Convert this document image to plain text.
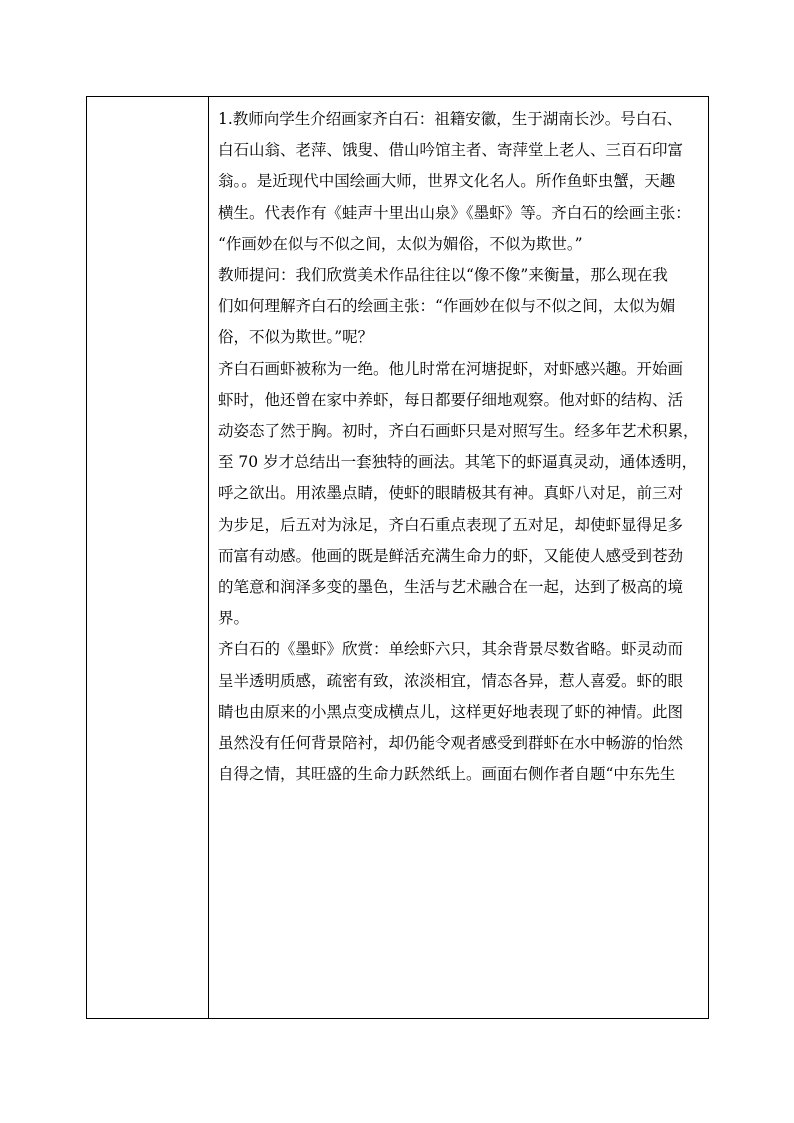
1.教师向学生介绍画家齐白石：祖籍安徽，生于湖南长沙。号白石、
白石山翁、老萍、饿叟、借山吟馆主者、寄萍堂上老人、三百石印富
翁。。是近现代中国绘画大师，世界文化名人。所作鱼虾虫蟹，天趣
横生。代表作有《蛙声十里出山泉》《墨虾》等。齐白石的绘画主张：
“作画妙在似与不似之间，太似为媚俗，不似为欺世。”

教师提问：我们欣赏美术作品往往以“像不像”来衡量，那么现在我
们如何理解齐白石的绘画主张：“作画妙在似与不似之间，太似为媚
俗，不似为欺世。”呢？

齐白石画虾被称为一绝。他儿时常在河塘捉虾，对虾感兴趣。开始画
虾时，他还曾在家中养虾，每日都要仔细地观察。他对虾的结构、活
动姿态了然于胸。初时，齐白石画虾只是对照写生。经多年艺术积累，
至 70 岁才总结出一套独特的画法。其笔下的虾逼真灵动，通体透明，
呼之欲出。用浓墨点睛，使虾的眼睛极其有神。真虾八对足，前三对
为步足，后五对为泳足，齐白石重点表现了五对足，却使虾显得足多
而富有动感。他画的既是鲜活充满生命力的虾，又能使人感受到苍劲
的笔意和润泽多变的墨色，生活与艺术融合在一起，达到了极高的境
界。

齐白石的《墨虾》欣赏：单绘虾六只，其余背景尽数省略。虾灵动而
呈半透明质感，疏密有致，浓淡相宜，情态各异，惹人喜爱。虾的眼
睛也由原来的小黑点变成横点儿，这样更好地表现了虾的神情。此图
虽然没有任何背景陪衬，却仍能令观者感受到群虾在水中畅游的怡然
自得之情，其旺盛的生命力跃然纸上。画面右侧作者自题“中东先生
